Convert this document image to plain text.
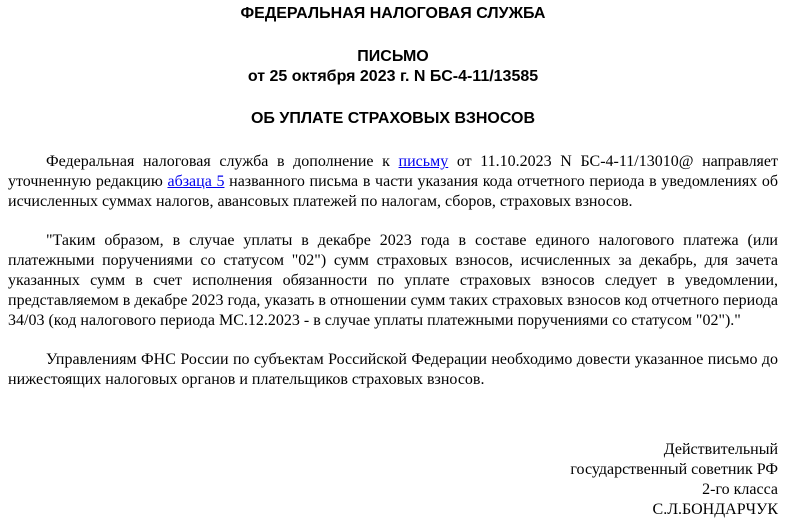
ФЕДЕРАЛЬНАЯ НАЛОГОВАЯ СЛУЖБА
ПИСЬМО
от 25 октября 2023 г. N БС-4-11/13585
ОБ УПЛАТЕ СТРАХОВЫХ ВЗНОСОВ

Федеральная налоговая служба в дополнение к письму от 11.10.2023 N БС-4-11/13010@ направляет уточненную редакцию абзаца 5 названного письма в части указания кода отчетного периода в уведомлениях об исчисленных суммах налогов, авансовых платежей по налогам, сборов, страховых взносов.

"Таким образом, в случае уплаты в декабре 2023 года в составе единого налогового платежа (или платежными поручениями со статусом "02") сумм страховых взносов, исчисленных за декабрь, для зачета указанных сумм в счет исполнения обязанности по уплате страховых взносов следует в уведомлении, представляемом в декабре 2023 года, указать в отношении сумм таких страховых взносов код отчетного периода 34/03 (код налогового периода МС.12.2023 - в случае уплаты платежными поручениями со статусом "02")."

Управлениям ФНС России по субъектам Российской Федерации необходимо довести указанное письмо до нижестоящих налоговых органов и плательщиков страховых взносов.

Действительный
государственный советник РФ
2-го класса
С.Л.БОНДАРЧУК
